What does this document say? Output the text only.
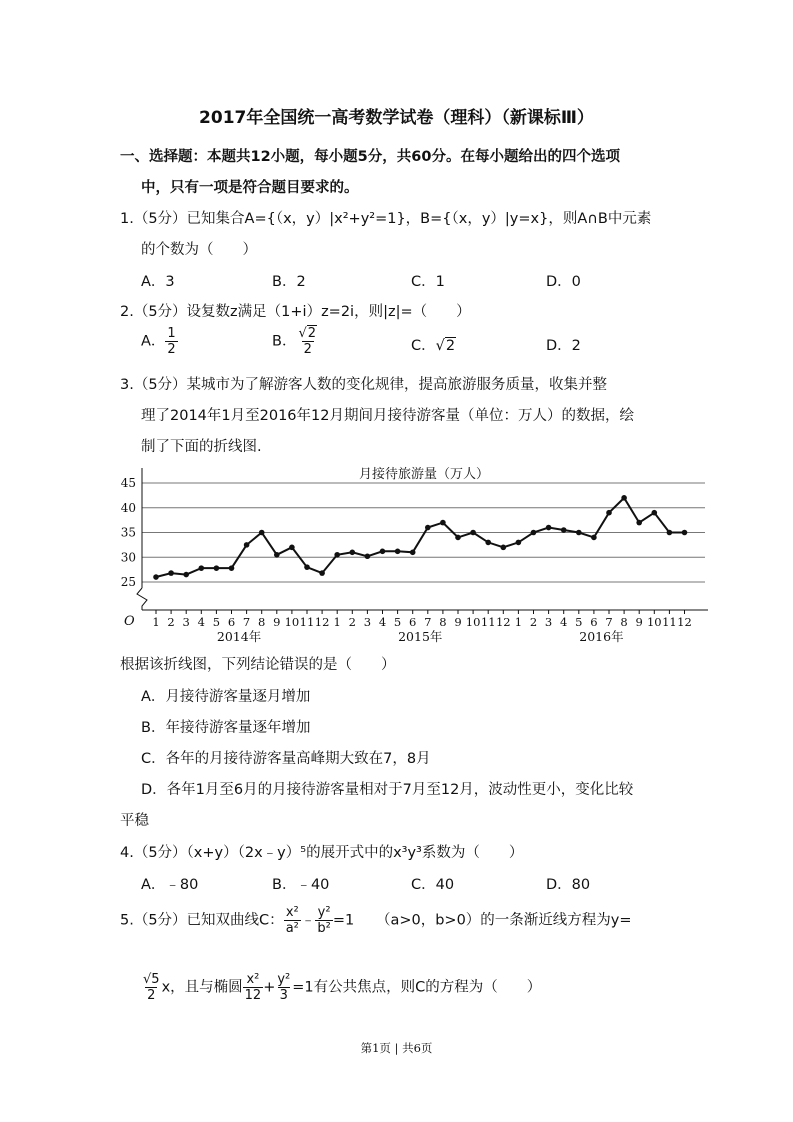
2017年全国统一高考数学试卷（理科）（新课标Ⅲ）
一、选择题：本题共12小题，每小题5分，共60分。在每小题给出的四个选项
中，只有一项是符合题目要求的。
1.（5分）已知集合A={（x，y）|x²+y²=1}，B={（x，y）|y=x}，则A∩B中元素
的个数为（　　）
A．3	B．2	C．1	D．0
2.（5分）设复数z满足（1+i）z=2i，则|z|=（　　）
A． $\frac{1}{2}$	B． $\frac{√2}{2}$	C．√2	D．2
3.（5分）某城市为了解游客人数的变化规律，提高旅游服务质量，收集并整
理了2014年1月至2016年12月期间月接待游客量（单位：万人）的数据，绘
制了下面的折线图.
月接待旅游量（万人）
25
30
35
40
45
1 2 3 4 5 6 7 8 9 10 11 12 1 2 3 4 5 6 7 8 9 10 11 12 1 2 3 4 5 6 7 8 9 10 11 12
2014年	2015年	2016年
O
根据该折线图，下列结论错误的是（　　）
A．月接待游客量逐月增加
B．年接待游客量逐年增加
C．各年的月接待游客量高峰期大致在7，8月
D．各年1月至6月的月接待游客量相对于7月至12月，波动性更小，变化比较
平稳
4.（5分）（x+y）（2x﹣y）⁵的展开式中的x³y³系数为（　　）
A．﹣80	B．﹣40	C．40	D．80
5.（5分）已知双曲线C： $\frac{\text{x²}}{\text{a²}}$ ﹣ $\frac{\text{y²}}{\text{b²}} =1$　　（a>0，b>0）的一条渐近线方程为y=
$\frac{√5}{2}$ x，且与椭圆 $\frac{\text{x²}}{12} + \frac{\text{y²}}{3} =1$有公共焦点，则C的方程为（　　）
第1页 | 共6页
